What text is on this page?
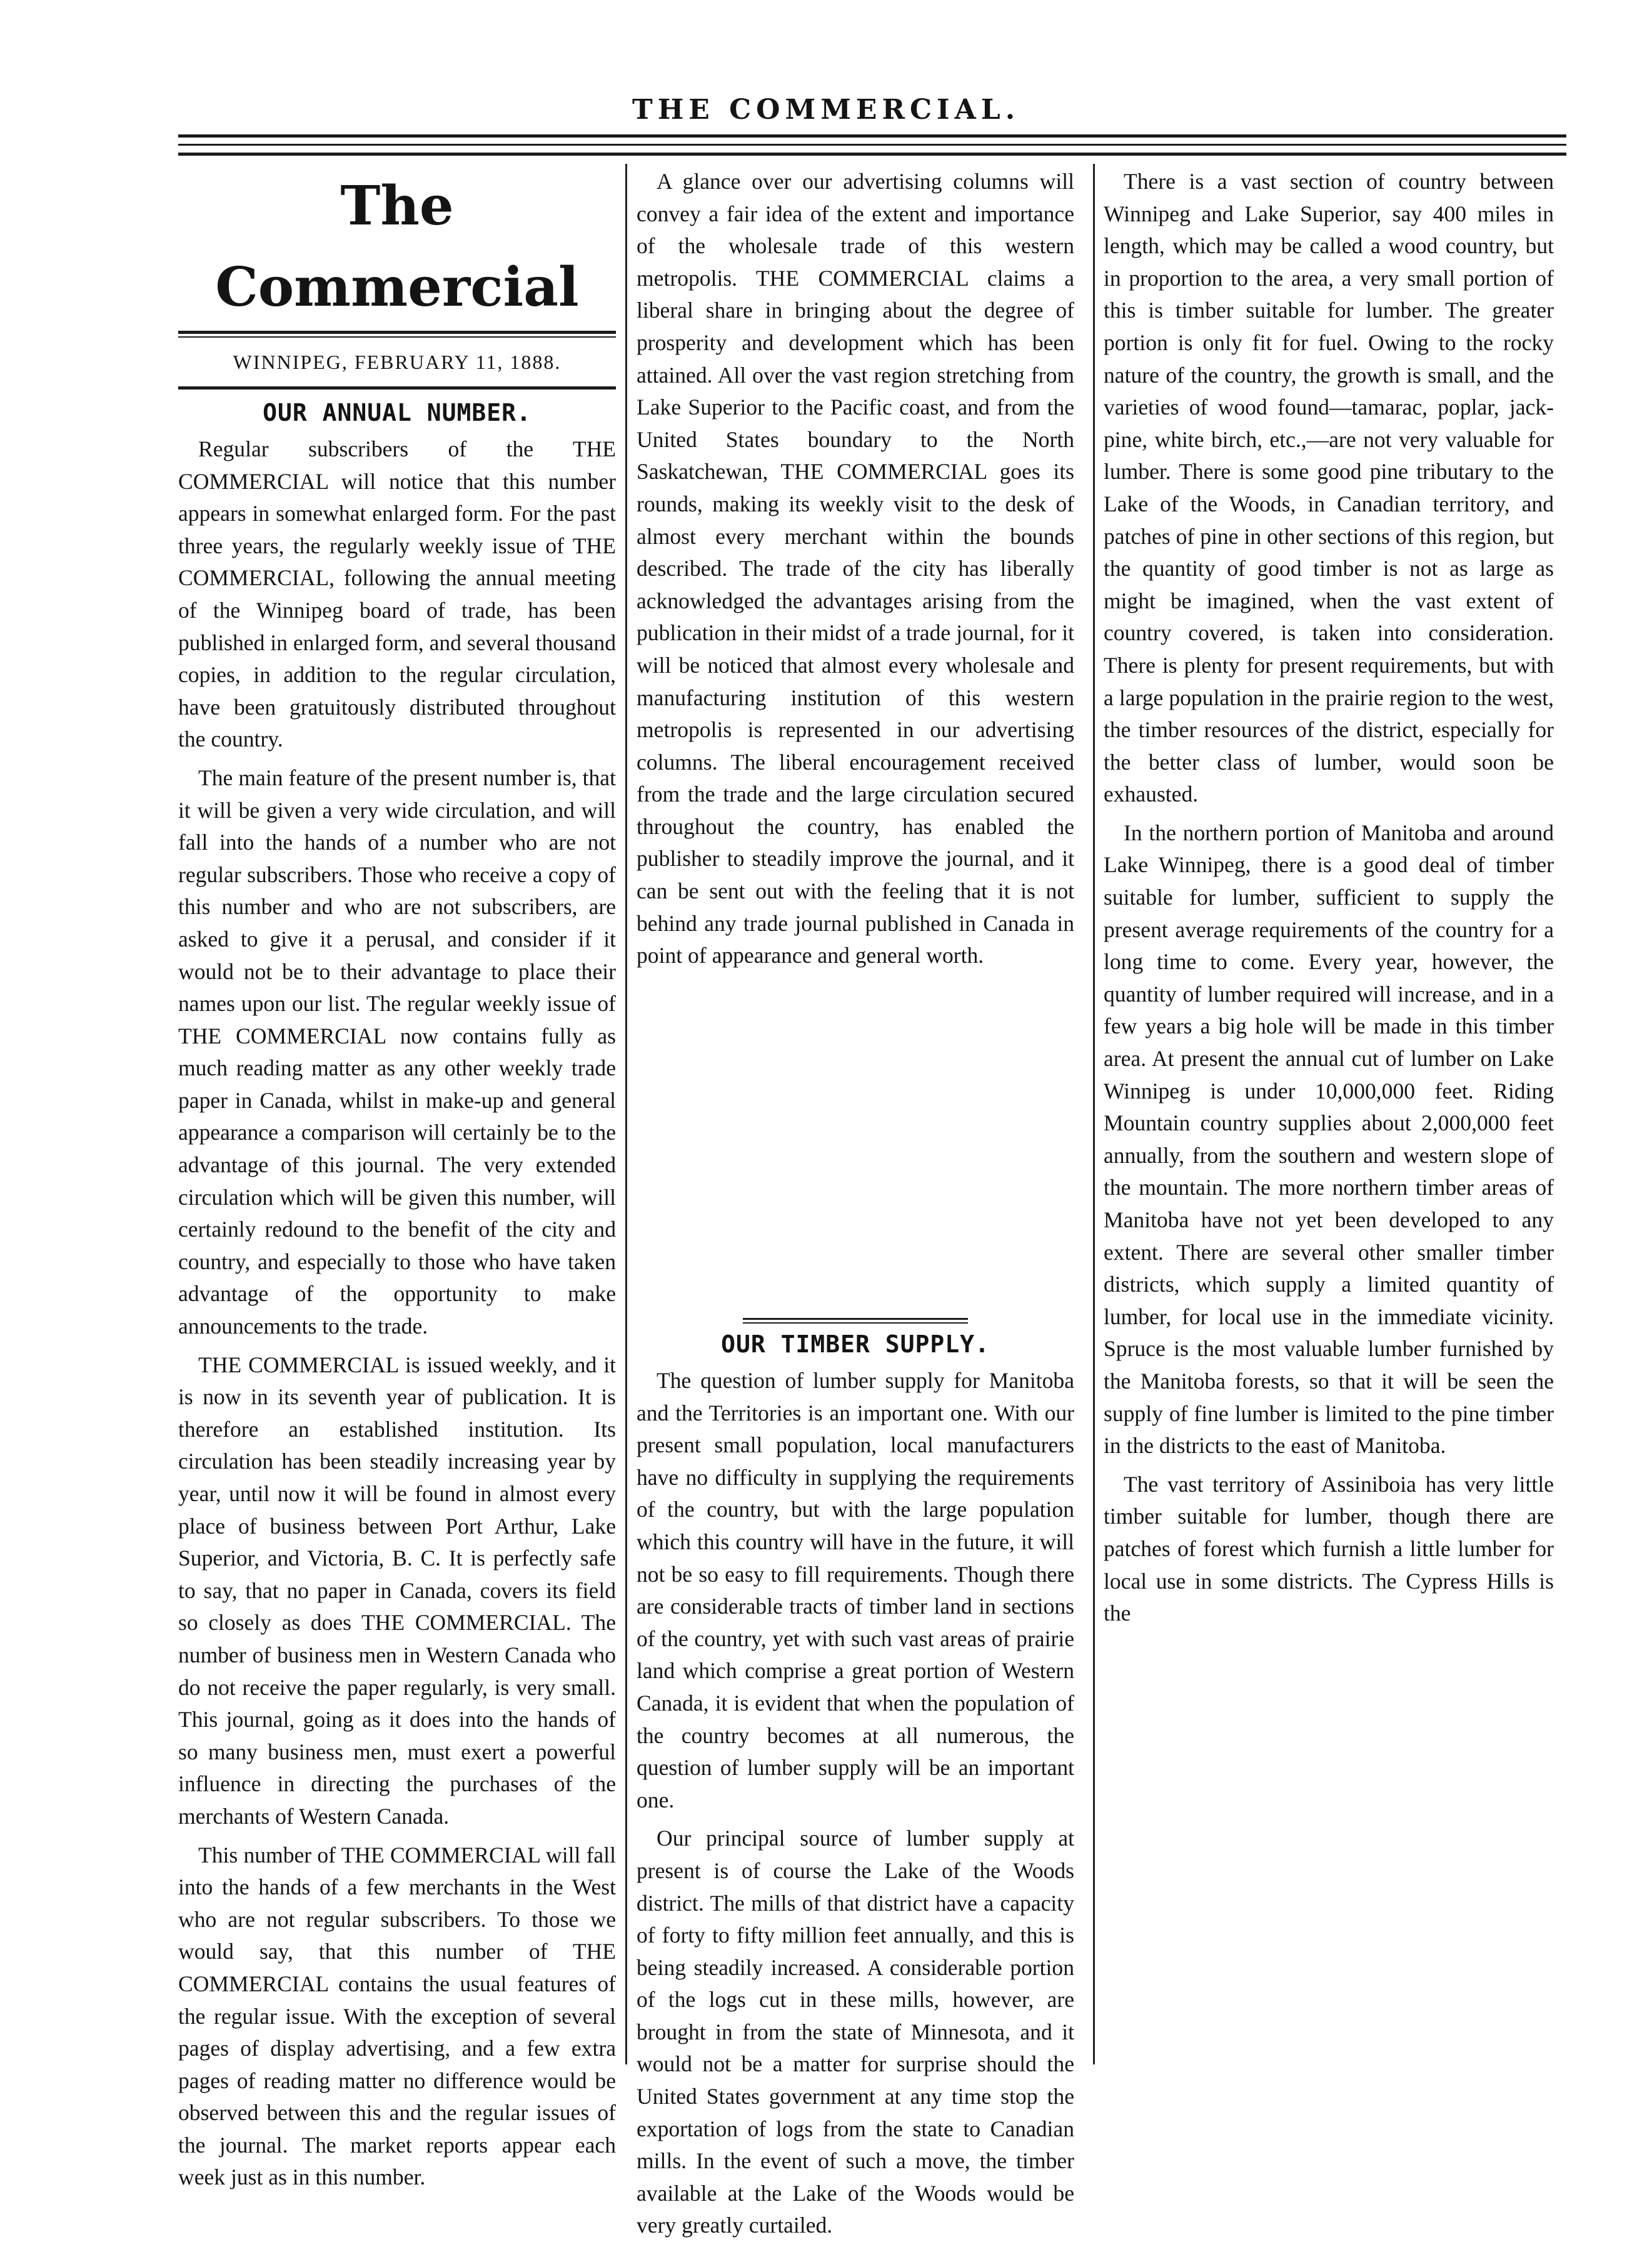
THE COMMERCIAL.
The Commercial
WINNIPEG, FEBRUARY 11, 1888.
OUR ANNUAL NUMBER.

Regular subscribers of the THE COMMERCIAL will notice that this number appears in somewhat enlarged form. For the past three years, the regularly weekly issue of THE COMMERCIAL, following the annual meeting of the Winnipeg board of trade, has been published in enlarged form, and several thousand copies, in addition to the regular circulation, have been gratuitously distributed throughout the country.

The main feature of the present number is, that it will be given a very wide circulation, and will fall into the hands of a number who are not regular subscribers. Those who receive a copy of this number and who are not subscribers, are asked to give it a perusal, and consider if it would not be to their advantage to place their names upon our list. The regular weekly issue of THE COMMERCIAL now contains fully as much reading matter as any other weekly trade paper in Canada, whilst in make-up and general appearance a comparison will certainly be to the advantage of this journal. The very extended circulation which will be given this number, will certainly redound to the benefit of the city and country, and especially to those who have taken advantage of the opportunity to make announcements to the trade.

THE COMMERCIAL is issued weekly, and it is now in its seventh year of publication. It is therefore an established institution. Its circulation has been steadily increasing year by year, until now it will be found in almost every place of business between Port Arthur, Lake Superior, and Victoria, B. C. It is perfectly safe to say, that no paper in Canada, covers its field so closely as does THE COMMERCIAL. The number of business men in Western Canada who do not receive the paper regularly, is very small. This journal, going as it does into the hands of so many business men, must exert a powerful influence in directing the purchases of the merchants of Western Canada.

This number of THE COMMERCIAL will fall into the hands of a few merchants in the West who are not regular subscribers. To those we would say, that this number of THE COMMERCIAL contains the usual features of the regular issue. With the exception of several pages of display advertising, and a few extra pages of reading matter no difference would be observed between this and the regular issues of the journal. The market reports appear each week just as in this number.

A glance over our advertising columns will convey a fair idea of the extent and importance of the wholesale trade of this western metropolis. THE COMMERCIAL claims a liberal share in bringing about the degree of prosperity and development which has been attained. All over the vast region stretching from Lake Superior to the Pacific coast, and from the United States boundary to the North Saskatchewan, THE COMMERCIAL goes its rounds, making its weekly visit to the desk of almost every merchant within the bounds described. The trade of the city has liberally acknowledged the advantages arising from the publication in their midst of a trade journal, for it will be noticed that almost every wholesale and manufacturing institution of this western metropolis is represented in our advertising columns. The liberal encouragement received from the trade and the large circulation secured throughout the country, has enabled the publisher to steadily improve the journal, and it can be sent out with the feeling that it is not behind any trade journal published in Canada in point of appearance and general worth.

OUR TIMBER SUPPLY.

The question of lumber supply for Manitoba and the Territories is an important one. With our present small population, local manufacturers have no difficulty in supplying the requirements of the country, but with the large population which this country will have in the future, it will not be so easy to fill requirements. Though there are considerable tracts of timber land in sections of the country, yet with such vast areas of prairie land which comprise a great portion of Western Canada, it is evident that when the population of the country becomes at all numerous, the question of lumber supply will be an important one.

Our principal source of lumber supply at present is of course the Lake of the Woods district. The mills of that district have a capacity of forty to fifty million feet annually, and this is being steadily increased. A considerable portion of the logs cut in these mills, however, are brought in from the state of Minnesota, and it would not be a matter for surprise should the United States government at any time stop the exportation of logs from the state to Canadian mills. In the event of such a move, the timber available at the Lake of the Woods would be very greatly curtailed.

There is a vast section of country between Winnipeg and Lake Superior, say 400 miles in length, which may be called a wood country, but in proportion to the area, a very small portion of this is timber suitable for lumber. The greater portion is only fit for fuel. Owing to the rocky nature of the country, the growth is small, and the varieties of wood found—tamarac, poplar, jack-pine, white birch, etc.,—are not very valuable for lumber. There is some good pine tributary to the Lake of the Woods, in Canadian territory, and patches of pine in other sections of this region, but the quantity of good timber is not as large as might be imagined, when the vast extent of country covered, is taken into consideration. There is plenty for present requirements, but with a large population in the prairie region to the west, the timber resources of the district, especially for the better class of lumber, would soon be exhausted.

In the northern portion of Manitoba and around Lake Winnipeg, there is a good deal of timber suitable for lumber, sufficient to supply the present average requirements of the country for a long time to come. Every year, however, the quantity of lumber required will increase, and in a few years a big hole will be made in this timber area. At present the annual cut of lumber on Lake Winnipeg is under 10,000,000 feet. Riding Mountain country supplies about 2,000,000 feet annually, from the southern and western slope of the mountain. The more northern timber areas of Manitoba have not yet been developed to any extent. There are several other smaller timber districts, which supply a limited quantity of lumber, for local use in the immediate vicinity. Spruce is the most valuable lumber furnished by the Manitoba forests, so that it will be seen the supply of fine lumber is limited to the pine timber in the districts to the east of Manitoba.

The vast territory of Assiniboia has very little timber suitable for lumber, though there are patches of forest which furnish a little lumber for local use in some districts. The Cypress Hills is the
